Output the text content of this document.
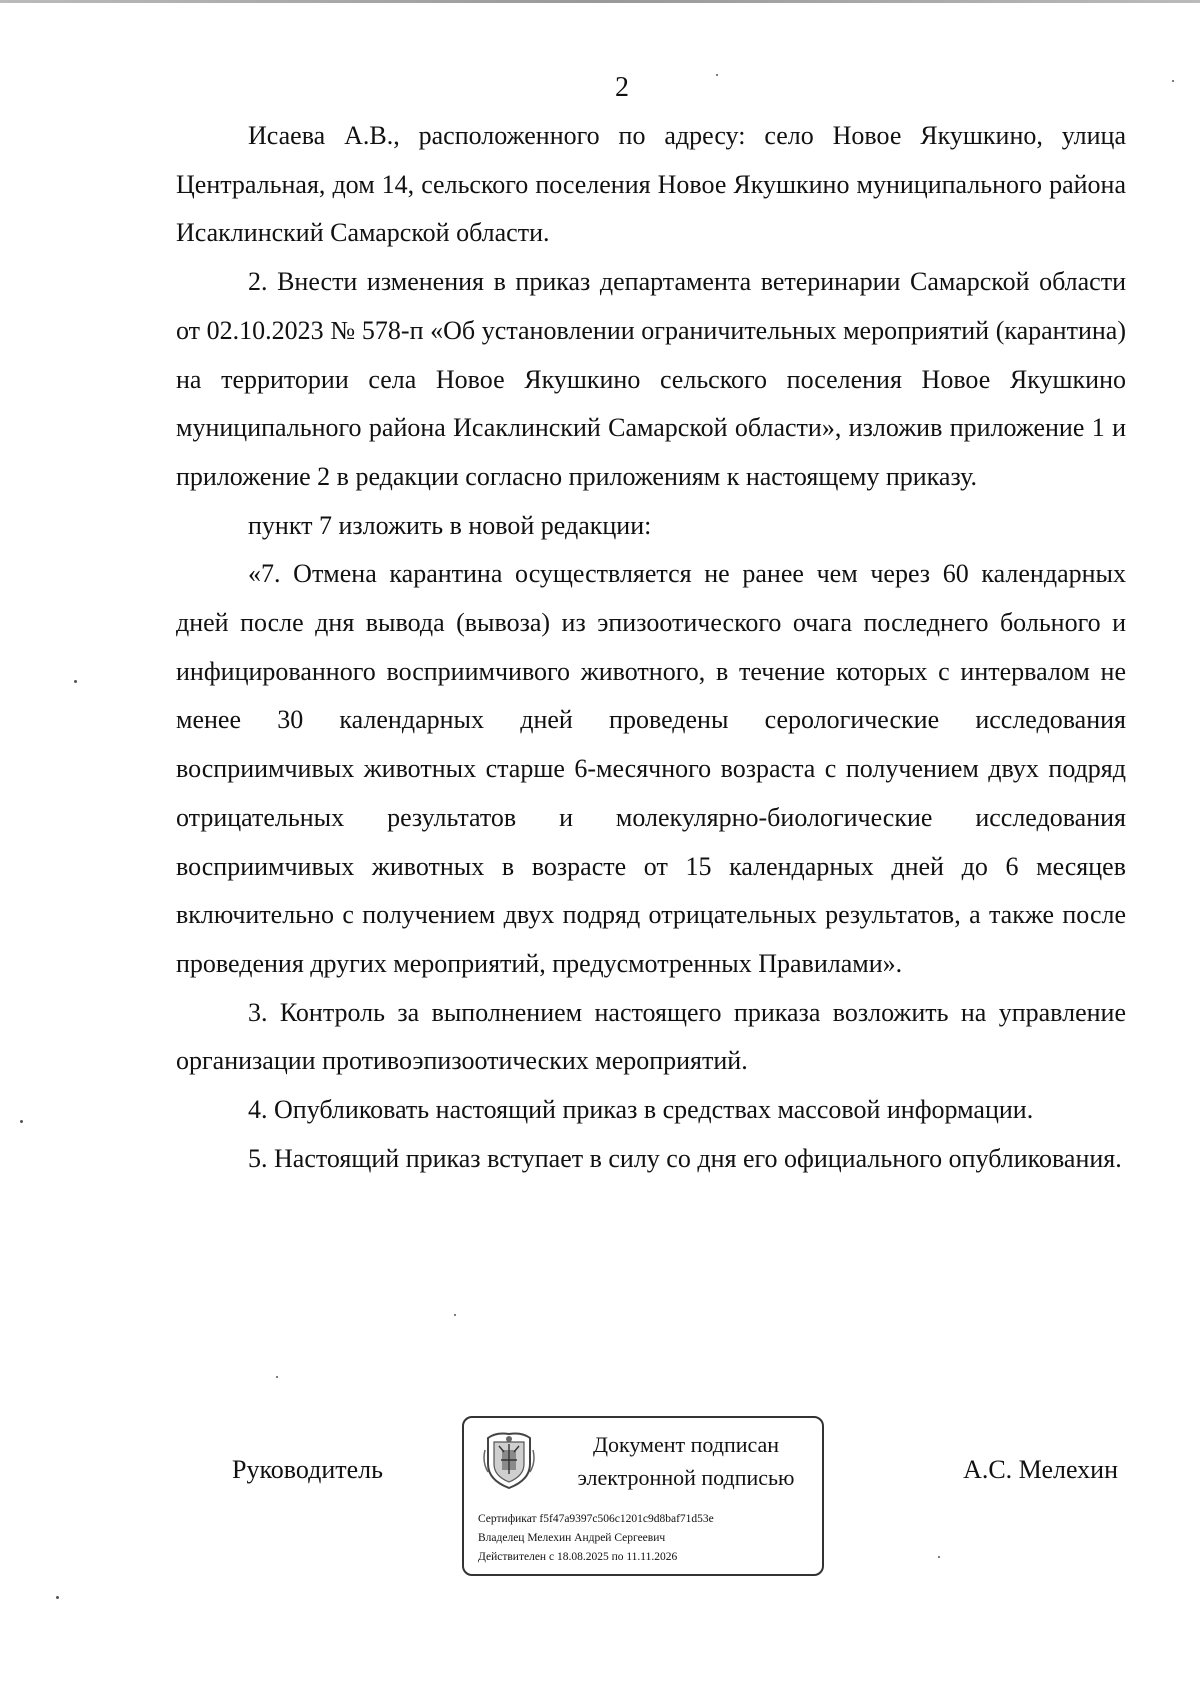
2

Исаева А.В., расположенного по адресу: село Новое Якушкино, улица Центральная, дом 14, сельского поселения Новое Якушкино муниципального района Исаклинский Самарской области.

2. Внести изменения в приказ департамента ветеринарии Самарской области от 02.10.2023 № 578-п «Об установлении ограничительных мероприятий (карантина) на территории села Новое Якушкино сельского поселения Новое Якушкино муниципального района Исаклинский Самарской области», изложив приложение 1 и приложение 2 в редакции согласно приложениям к настоящему приказу.

пункт 7 изложить в новой редакции:

«7. Отмена карантина осуществляется не ранее чем через 60 календарных дней после дня вывода (вывоза) из эпизоотического очага последнего больного и инфицированного восприимчивого животного, в течение которых с интервалом не менее 30 календарных дней проведены серологические исследования восприимчивых животных старше 6-месячного возраста с получением двух подряд отрицательных результатов и молекулярно-биологические исследования восприимчивых животных в возрасте от 15 календарных дней до 6 месяцев включительно с получением двух подряд отрицательных результатов, а также после проведения других мероприятий, предусмотренных Правилами».

3. Контроль за выполнением настоящего приказа возложить на управление организации противоэпизоотических мероприятий.

4. Опубликовать настоящий приказ в средствах массовой информации.

5. Настоящий приказ вступает в силу со дня его официального опубликования.

Руководитель
Документ подписан
электронной подписью
Сертификат f5f47a9397c506c1201c9d8baf71d53e
Владелец Мелехин Андрей Сергеевич
Действителен с 18.08.2025 по 11.11.2026
А.С. Мелехин
